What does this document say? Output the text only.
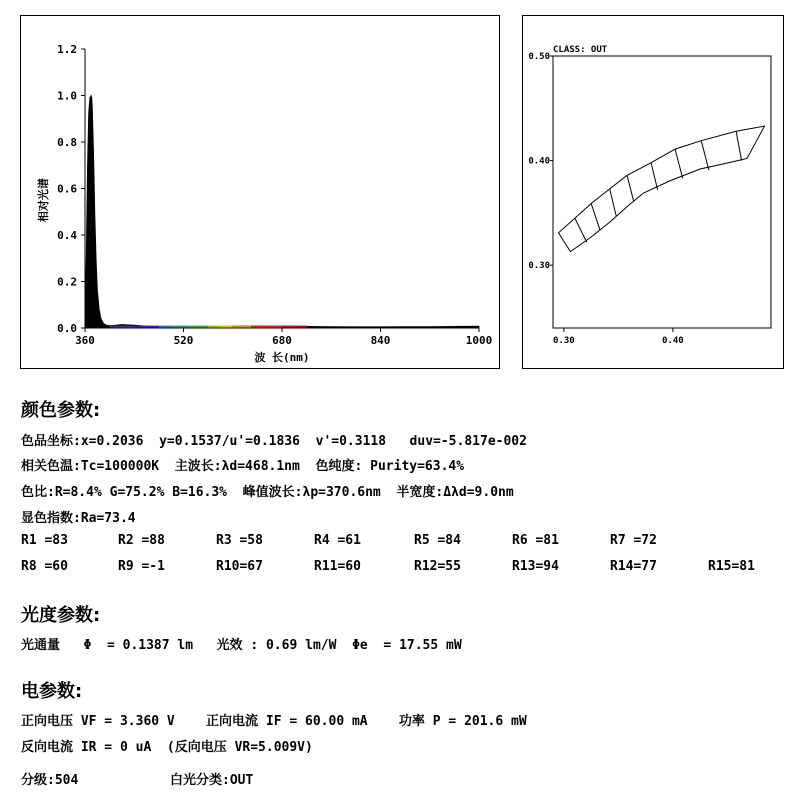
0.0
0.2
0.4
0.6
0.8
1.0
1.2
360	520	680	840	1000
波 长(nm)
相对光谱
CLASS: OUT
0.30
0.40
0.50
0.30	0.40
颜色参数:
色品坐标:x=0.2036  y=0.1537/u'=0.1836  v'=0.3118   duv=-5.817e-002
相关色温:Tc=100000K  主波长:λd=468.1nm  色纯度: Purity=63.4%
色比:R=8.4% G=75.2% B=16.3%  峰值波长:λp=370.6nm  半宽度:Δλd=9.0nm
显色指数:Ra=73.4
R1 =83	R2 =88	R3 =58	R4 =61	R5 =84	R6 =81	R7 =72
R8 =60	R9 =-1	R10=67	R11=60	R12=55	R13=94	R14=77	R15=81
光度参数:
光通量   Φ  = 0.1387 lm   光效 : 0.69 lm/W  Φe  = 17.55 mW
电参数:
正向电压 VF = 3.360 V    正向电流 IF = 60.00 mA    功率 P = 201.6 mW
反向电流 IR = 0 uA  (反向电压 VR=5.009V)
分级:504	白光分类:OUT
